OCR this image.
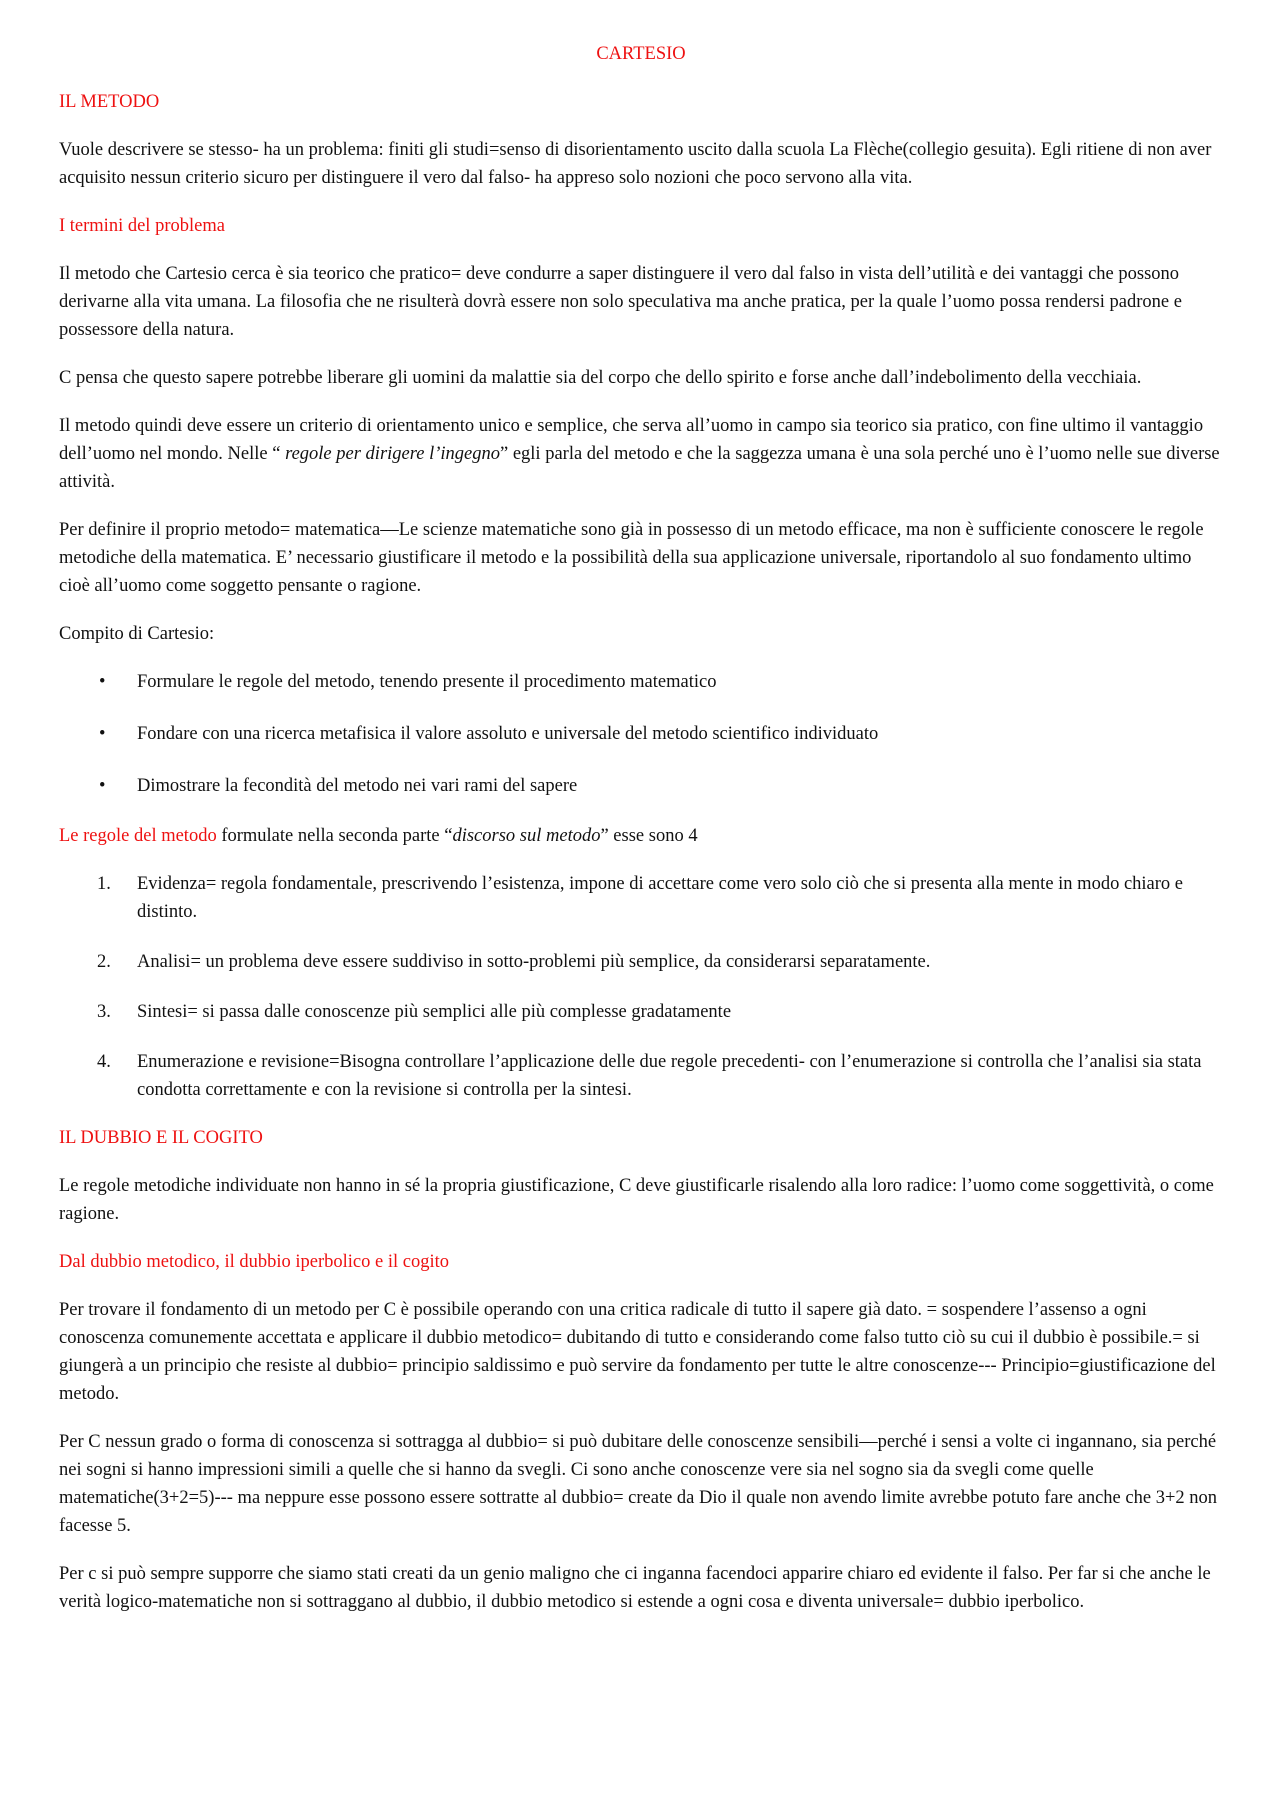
CARTESIO
IL METODO

Vuole descrivere se stesso- ha un problema: finiti gli studi=senso di disorientamento uscito dalla scuola La Flèche(collegio gesuita). Egli ritiene di non aver acquisito nessun criterio sicuro per distinguere il vero dal falso- ha appreso solo nozioni che poco servono alla vita.

I termini del problema

Il metodo che Cartesio cerca è sia teorico che pratico= deve condurre a saper distinguere il vero dal falso in vista dell’utilità e dei vantaggi che possono derivarne alla vita umana. La filosofia che ne risulterà dovrà essere non solo speculativa ma anche pratica, per la quale l’uomo possa rendersi padrone e possessore della natura.

C pensa che questo sapere potrebbe liberare gli uomini da malattie sia del corpo che dello spirito e forse anche dall’indebolimento della vecchiaia.

Il metodo quindi deve essere un criterio di orientamento unico e semplice, che serva all’uomo in campo sia teorico sia pratico, con fine ultimo il vantaggio dell’uomo nel mondo. Nelle “ regole per dirigere l’ingegno” egli parla del metodo e che la saggezza umana è una sola perché uno è l’uomo nelle sue diverse attività.

Per definire il proprio metodo= matematica—Le scienze matematiche sono già in possesso di un metodo efficace, ma non è sufficiente conoscere le regole metodiche della matematica. E’ necessario giustificare il metodo e la possibilità della sua applicazione universale, riportandolo al suo fondamento ultimo cioè all’uomo come soggetto pensante o ragione.

Compito di Cartesio:

• Formulare le regole del metodo, tenendo presente il procedimento matematico
• Fondare con una ricerca metafisica il valore assoluto e universale del metodo scientifico individuato
• Dimostrare la fecondità del metodo nei vari rami del sapere

Le regole del metodo formulate nella seconda parte “discorso sul metodo” esse sono 4

1. Evidenza= regola fondamentale, prescrivendo l’esistenza, impone di accettare come vero solo ciò che si presenta alla mente in modo chiaro e distinto.
2. Analisi= un problema deve essere suddiviso in sotto-problemi più semplice, da considerarsi separatamente.
3. Sintesi= si passa dalle conoscenze più semplici alle più complesse gradatamente
4. Enumerazione e revisione=Bisogna controllare l’applicazione delle due regole precedenti- con l’enumerazione si controlla che l’analisi sia stata condotta correttamente e con la revisione si controlla per la sintesi.
IL DUBBIO E IL COGITO

Le regole metodiche individuate non hanno in sé la propria giustificazione, C deve giustificarle risalendo alla loro radice: l’uomo come soggettività, o come ragione.

Dal dubbio metodico, il dubbio iperbolico e il cogito

Per trovare il fondamento di un metodo per C è possibile operando con una critica radicale di tutto il sapere già dato. = sospendere l’assenso a ogni conoscenza comunemente accettata e applicare il dubbio metodico= dubitando di tutto e considerando come falso tutto ciò su cui il dubbio è possibile.= si giungerà a un principio che resiste al dubbio= principio saldissimo e può servire da fondamento per tutte le altre conoscenze--- Principio=giustificazione del metodo.

Per C nessun grado o forma di conoscenza si sottragga al dubbio= si può dubitare delle conoscenze sensibili—perché i sensi a volte ci ingannano, sia perché nei sogni si hanno impressioni simili a quelle che si hanno da svegli. Ci sono anche conoscenze vere sia nel sogno sia da svegli come quelle matematiche(3+2=5)--- ma neppure esse possono essere sottratte al dubbio= create da Dio il quale non avendo limite avrebbe potuto fare anche che 3+2 non facesse 5.

Per c si può sempre supporre che siamo stati creati da un genio maligno che ci inganna facendoci apparire chiaro ed evidente il falso. Per far si che anche le verità logico-matematiche non si sottraggano al dubbio, il dubbio metodico si estende a ogni cosa e diventa universale= dubbio iperbolico.
